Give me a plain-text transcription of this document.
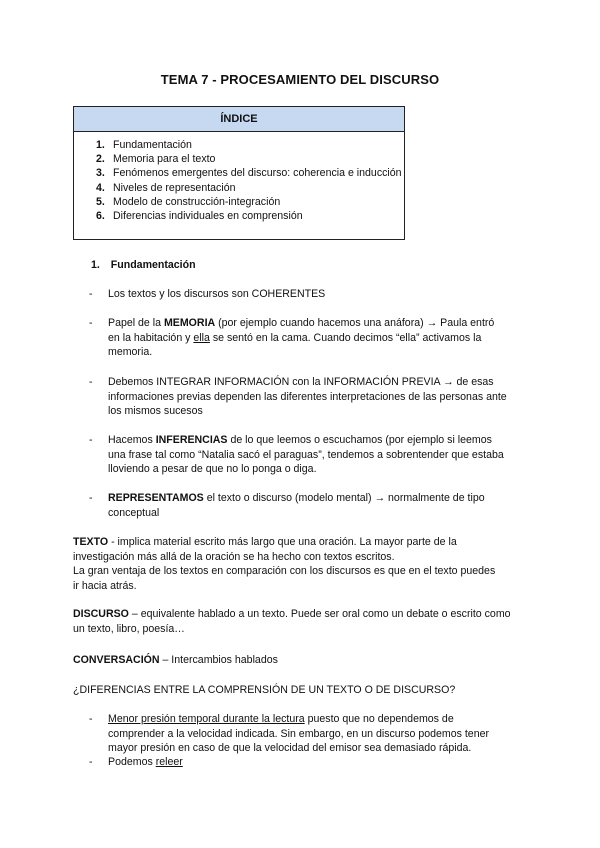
TEMA 7 - PROCESAMIENTO DEL DISCURSO
ÍNDICE
1. Fundamentación
2. Memoria para el texto
3. Fenómenos emergentes del discurso: coherencia e inducción
4. Niveles de representación
5. Modelo de construcción-integración
6. Diferencias individuales en comprensión
1. Fundamentación
- Los textos y los discursos son COHERENTES
- Papel de la MEMORIA (por ejemplo cuando hacemos una anáfora) → Paula entró en la habitación y ella se sentó en la cama. Cuando decimos “ella” activamos la memoria.
- Debemos INTEGRAR INFORMACIÓN con la INFORMACIÓN PREVIA → de esas informaciones previas dependen las diferentes interpretaciones de las personas ante los mismos sucesos
- Hacemos INFERENCIAS de lo que leemos o escuchamos (por ejemplo si leemos una frase tal como “Natalia sacó el paraguas”, tendemos a sobrentender que estaba lloviendo a pesar de que no lo ponga o diga.
- REPRESENTAMOS el texto o discurso (modelo mental) → normalmente de tipo conceptual
TEXTO - implica material escrito más largo que una oración. La mayor parte de la investigación más allá de la oración se ha hecho con textos escritos.
La gran ventaja de los textos en comparación con los discursos es que en el texto puedes ir hacia atrás.
DISCURSO – equivalente hablado a un texto. Puede ser oral como un debate o escrito como un texto, libro, poesía…
CONVERSACIÓN – Intercambios hablados
¿DIFERENCIAS ENTRE LA COMPRENSIÓN DE UN TEXTO O DE DISCURSO?
- Menor presión temporal durante la lectura puesto que no dependemos de comprender a la velocidad indicada. Sin embargo, en un discurso podemos tener mayor presión en caso de que la velocidad del emisor sea demasiado rápida.
- Podemos releer
